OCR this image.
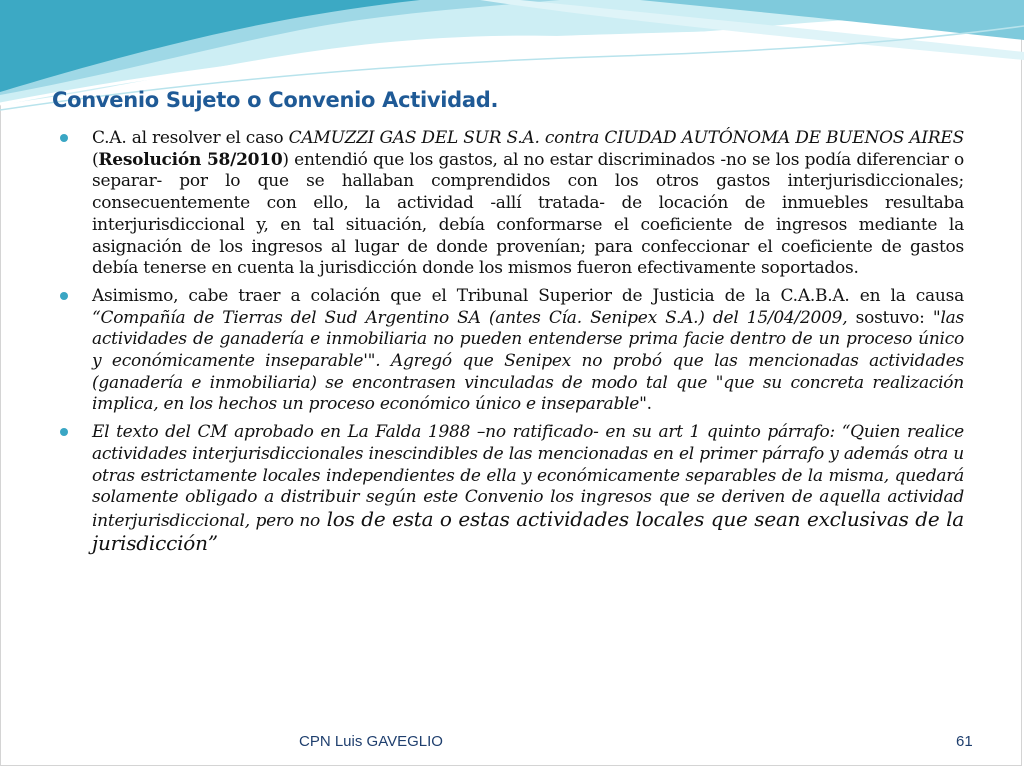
Convenio Sujeto o Convenio Actividad.

C.A. al resolver el caso CAMUZZI GAS DEL SUR S.A. contra CIUDAD AUTÓNOMA DE BUENOS AIRES (Resolución 58/2010) entendió que los gastos, al no estar discriminados -no se los podía diferenciar o separar- por lo que se hallaban comprendidos con los otros gastos interjurisdiccionales; consecuentemente con ello, la actividad -allí tratada- de locación de inmuebles resultaba interjurisdiccional y, en tal situación, debía conformarse el coeficiente de ingresos mediante la asignación de los ingresos al lugar de donde provenían; para confeccionar el coeficiente de gastos debía tenerse en cuenta la jurisdicción donde los mismos fueron efectivamente soportados.

Asimismo, cabe traer a colación que el Tribunal Superior de Justicia de la C.A.B.A. en la causa “Compañía de Tierras del Sud Argentino SA (antes Cía. Senipex S.A.) del 15/04/2009, sostuvo: "las actividades de ganadería e inmobiliaria no pueden entenderse prima facie dentro de un proceso único y económicamente inseparable'". Agregó que Senipex no probó que las mencionadas actividades (ganadería e inmobiliaria) se encontrasen vinculadas de modo tal que "que su concreta realización implica, en los hechos un proceso económico único e inseparable".

El texto del CM aprobado en La Falda 1988 –no ratificado- en su art 1 quinto párrafo: “Quien realice actividades interjurisdiccionales inescindibles de las mencionadas en el primer párrafo y además otra u otras estrictamente locales independientes de ella y económicamente separables de la misma, quedará solamente obligado a distribuir según este Convenio los ingresos que se deriven de aquella actividad interjurisdiccional, pero no los de esta o estas actividades locales que sean exclusivas de la jurisdicción”

CPN Luis GAVEGLIO	61
